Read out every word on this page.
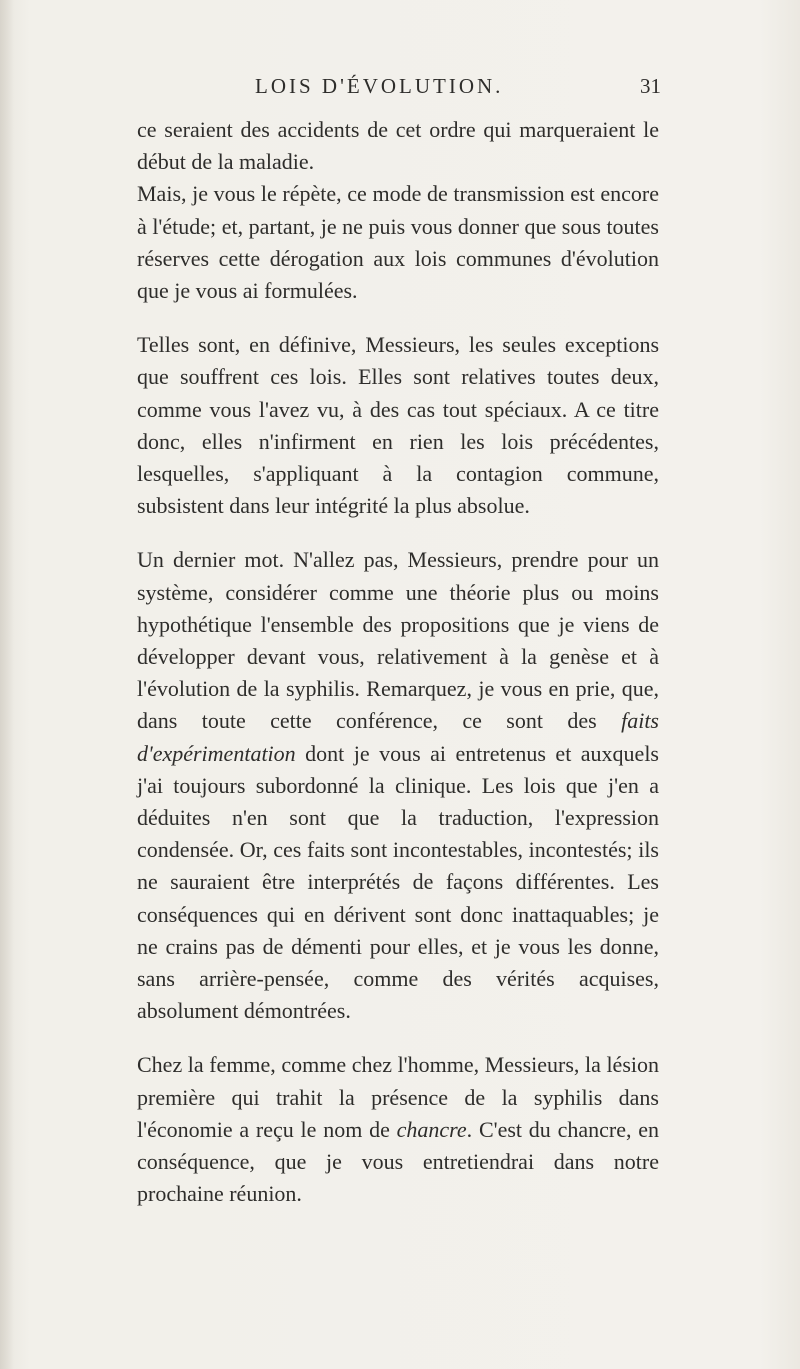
LOIS D'ÉVOLUTION.	31

ce seraient des accidents de cet ordre qui marqueraient le début de la maladie.

Mais, je vous le répète, ce mode de transmission est encore à l'étude; et, partant, je ne puis vous donner que sous toutes réserves cette dérogation aux lois communes d'évolution que je vous ai formulées.

Telles sont, en définive, Messieurs, les seules exceptions que souffrent ces lois. Elles sont relatives toutes deux, comme vous l'avez vu, à des cas tout spéciaux. A ce titre donc, elles n'infirment en rien les lois précédentes, lesquelles, s'appliquant à la contagion commune, subsistent dans leur intégrité la plus absolue.

Un dernier mot. N'allez pas, Messieurs, prendre pour un système, considérer comme une théorie plus ou moins hypothétique l'ensemble des propositions que je viens de développer devant vous, relativement à la genèse et à l'évolution de la syphilis. Remarquez, je vous en prie, que, dans toute cette conférence, ce sont des faits d'expérimentation dont je vous ai entretenus et auxquels j'ai toujours subordonné la clinique. Les lois que j'en a déduites n'en sont que la traduction, l'expression condensée. Or, ces faits sont incontestables, incontestés; ils ne sauraient être interprétés de façons différentes. Les conséquences qui en dérivent sont donc inattaquables; je ne crains pas de démenti pour elles, et je vous les donne, sans arrière-pensée, comme des vérités acquises, absolument démontrées.

Chez la femme, comme chez l'homme, Messieurs, la lésion première qui trahit la présence de la syphilis dans l'économie a reçu le nom de chancre. C'est du chancre, en conséquence, que je vous entretiendrai dans notre prochaine réunion.
